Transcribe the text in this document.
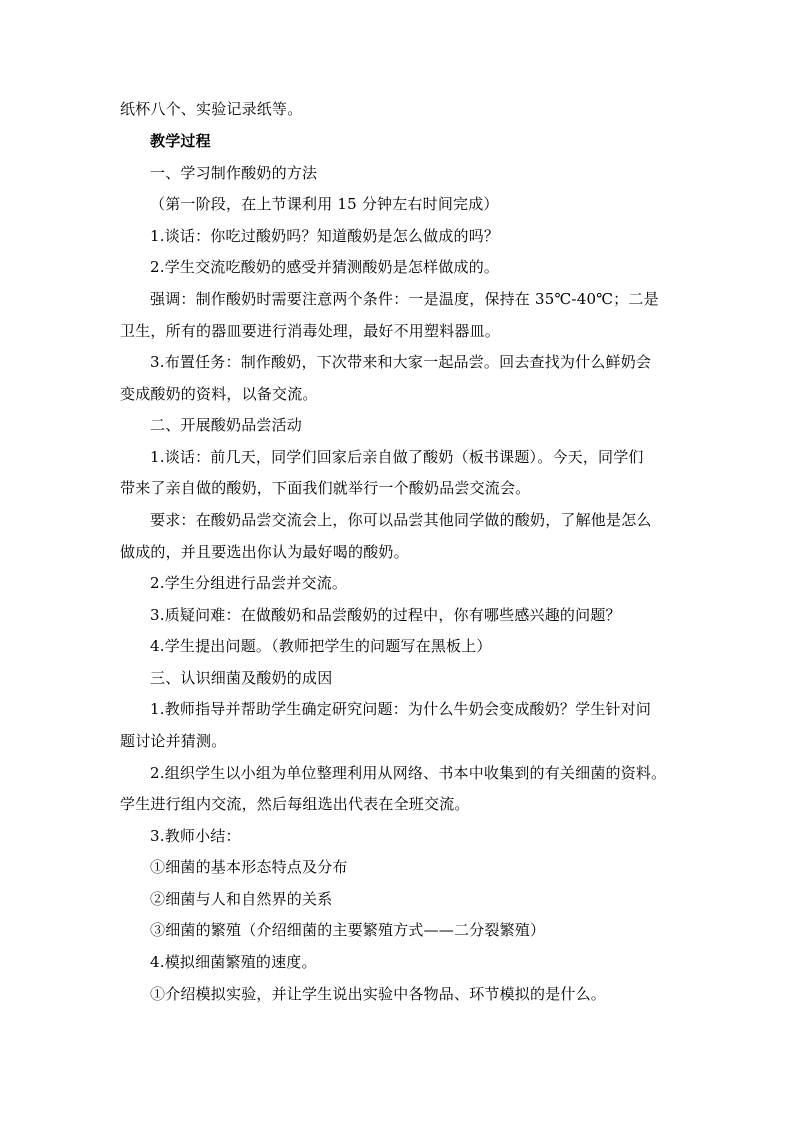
纸杯八个、实验记录纸等。
教学过程
一、学习制作酸奶的方法
（第一阶段，在上节课利用 15 分钟左右时间完成）
1.谈话：你吃过酸奶吗？知道酸奶是怎么做成的吗？
2.学生交流吃酸奶的感受并猜测酸奶是怎样做成的。
强调：制作酸奶时需要注意两个条件：一是温度，保持在 35℃-40℃；二是
卫生，所有的器皿要进行消毒处理，最好不用塑料器皿。
3.布置任务：制作酸奶，下次带来和大家一起品尝。回去查找为什么鲜奶会
变成酸奶的资料，以备交流。
二、开展酸奶品尝活动
1.谈话：前几天，同学们回家后亲自做了酸奶（板书课题）。今天，同学们
带来了亲自做的酸奶，下面我们就举行一个酸奶品尝交流会。
要求：在酸奶品尝交流会上，你可以品尝其他同学做的酸奶，了解他是怎么
做成的，并且要选出你认为最好喝的酸奶。
2.学生分组进行品尝并交流。
3.质疑问难：在做酸奶和品尝酸奶的过程中，你有哪些感兴趣的问题？
4.学生提出问题。（教师把学生的问题写在黑板上）
三、认识细菌及酸奶的成因
1.教师指导并帮助学生确定研究问题：为什么牛奶会变成酸奶？学生针对问
题讨论并猜测。
2.组织学生以小组为单位整理利用从网络、书本中收集到的有关细菌的资料。
学生进行组内交流，然后每组选出代表在全班交流。
3.教师小结：
①细菌的基本形态特点及分布
②细菌与人和自然界的关系
③细菌的繁殖（介绍细菌的主要繁殖方式——二分裂繁殖）
4.模拟细菌繁殖的速度。
①介绍模拟实验，并让学生说出实验中各物品、环节模拟的是什么。
